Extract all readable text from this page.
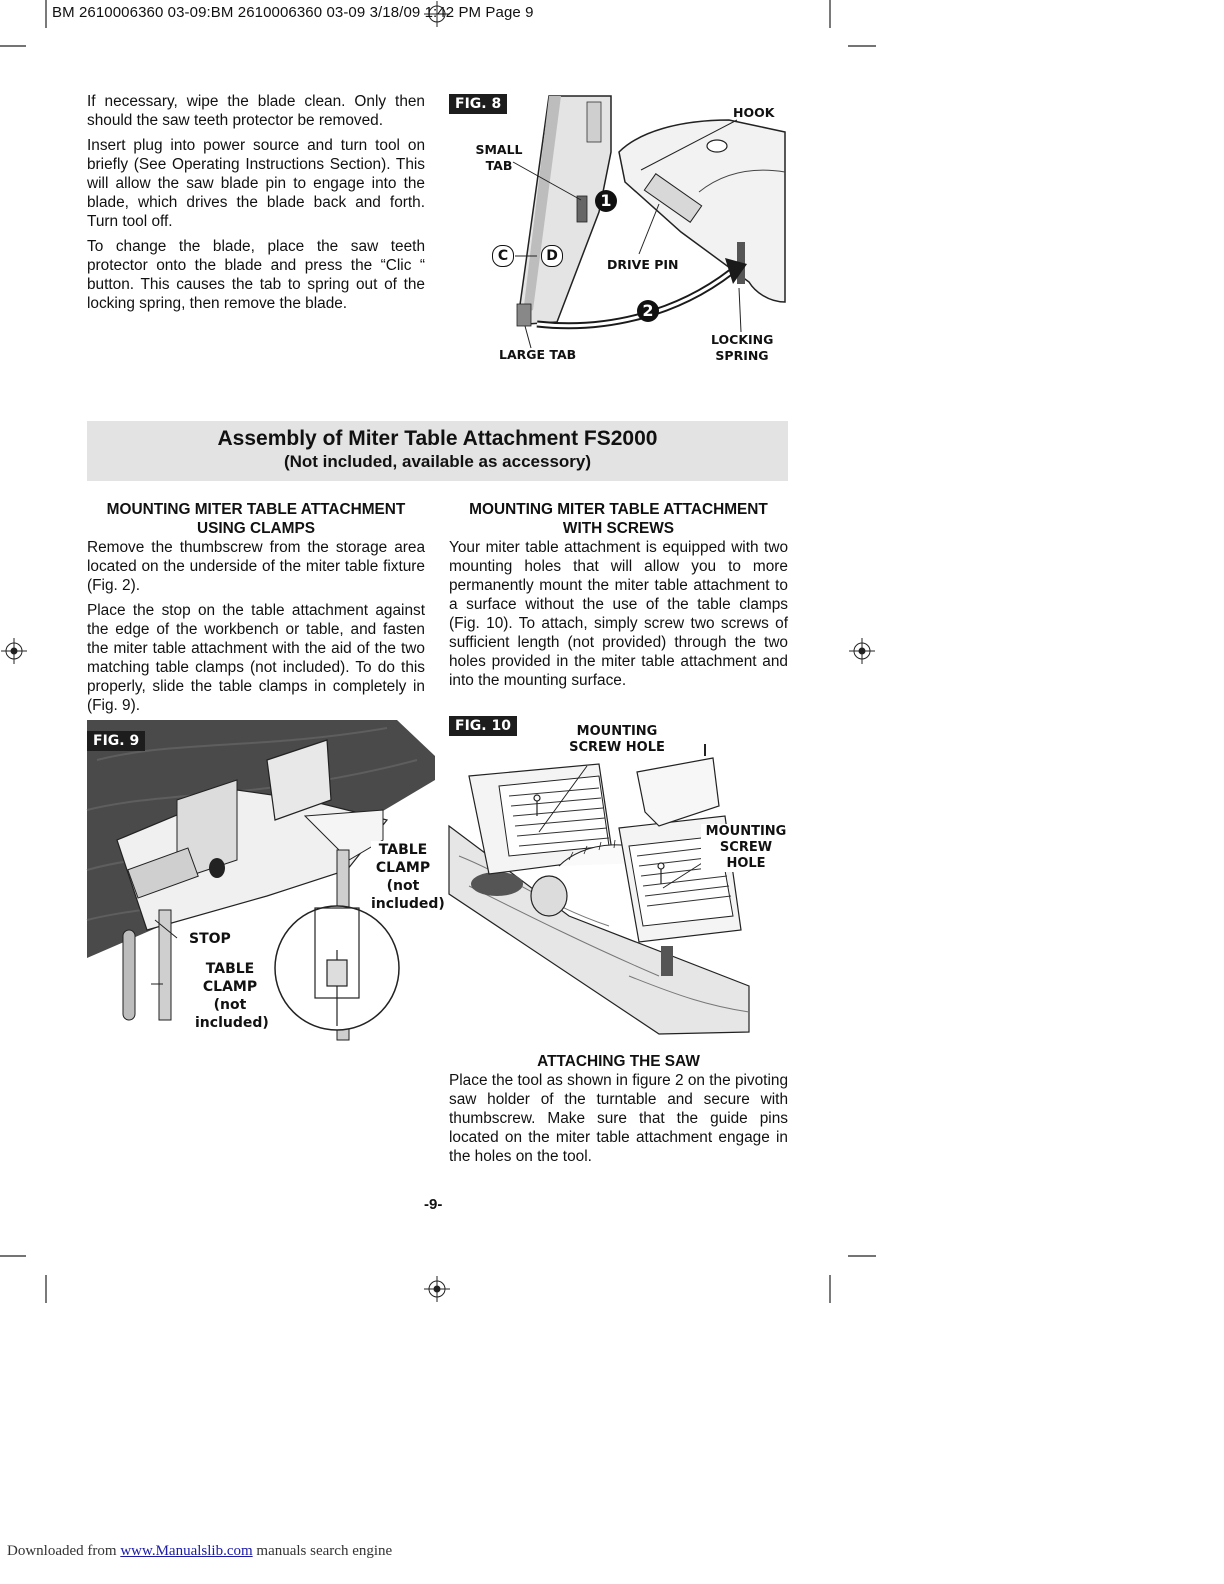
BM 2610006360 03-09:BM 2610006360 03-09 3/18/09 1:42 PM Page 9

If necessary, wipe the blade clean. Only then should the saw teeth protector be removed.

Insert plug into power source and turn tool on briefly (See Operating Instructions Section). This will allow the saw blade pin to engage into the blade, which drives the blade back and forth. Turn tool off.

To change the blade, place the saw teeth protector onto the blade and press the “Clic “ button. This causes the tab to spring out of the locking spring, then remove the blade.

FIG. 8
HOOK
SMALL
TAB
1
C	D
DRIVE PIN
2
LARGE TAB
LOCKING
SPRING
Assembly of Miter Table Attachment FS2000
(Not included, available as accessory)
MOUNTING MITER TABLE ATTACHMENT
USING CLAMPS

Remove the thumbscrew from the storage area located on the underside of the miter table fixture (Fig. 2).

Place the stop on the table attachment against the edge of the workbench or table, and fasten the miter table attachment with the aid of the two matching table clamps (not included). To do this properly, slide the table clamps in completely in (Fig. 9).

MOUNTING MITER TABLE ATTACHMENT
WITH SCREWS

Your miter table attachment is equipped with two mounting holes that will allow you to more permanently mount the miter table attachment to a surface without the use of the table clamps (Fig. 10). To attach, simply screw two screws of sufficient length (not provided) through the two holes provided in the miter table attachment and into the mounting surface.

FIG. 9
TABLE
CLAMP
(not
included)
STOP
TABLE
CLAMP
(not
included)
FIG. 10	MOUNTING
SCREW HOLE
MOUNTING
SCREW HOLE
ATTACHING THE SAW

Place the tool as shown in figure 2 on the pivoting saw holder of the turntable and secure with thumbscrew. Make sure that the guide pins located on the miter table attachment engage in the holes on the tool.

-9-
Downloaded from www.Manualslib.com manuals search engine
